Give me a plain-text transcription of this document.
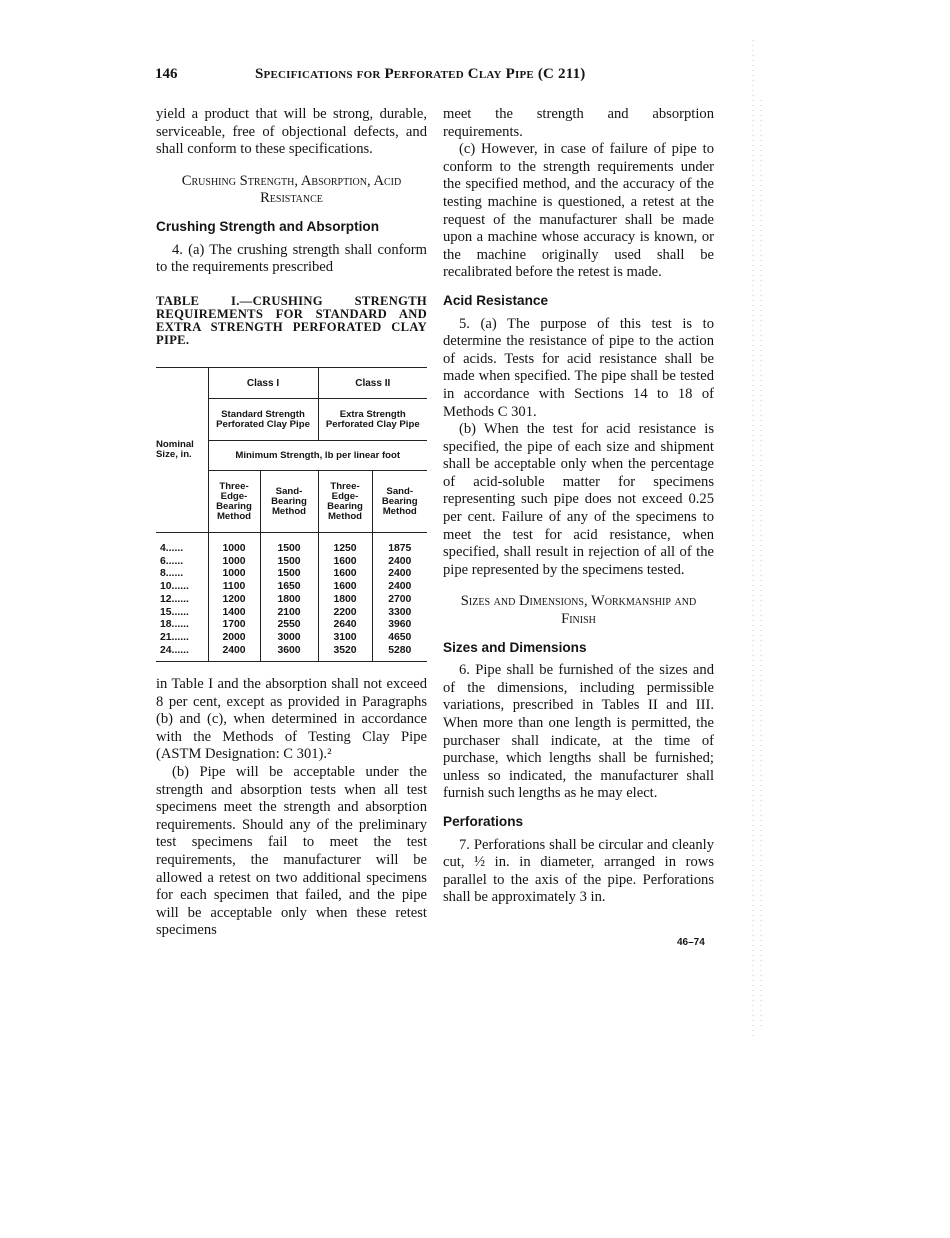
146	Specifications for Perforated Clay Pipe (C 211)

yield a product that will be strong, durable, serviceable, free of objectional defects, and shall conform to these specifications.

Crushing Strength, Absorption, Acid Resistance
Crushing Strength and Absorption

4. (a) The crushing strength shall conform to the requirements prescribed

TABLE I.—CRUSHING STRENGTH REQUIREMENTS FOR STANDARD AND EXTRA STRENGTH PERFORATED CLAY PIPE.
Nominal Size, in.	Class I		Class II	
	Standard Strength Perforated Clay Pipe		Extra Strength Perforated Clay Pipe	
	Minimum Strength, lb per linear foot			
	Three-Edge-Bearing Method	Sand-Bearing Method	Three-Edge-Bearing Method	Sand-Bearing Method
4......	1000	1500	1250	1875
6......	1000	1500	1600	2400
8......	1000	1500	1600	2400
10......	1100	1650	1600	2400
12......	1200	1800	1800	2700
15......	1400	2100	2200	3300
18......	1700	2550	2640	3960
21......	2000	3000	3100	4650
24......	2400	3600	3520	5280

in Table I and the absorption shall not exceed 8 per cent, except as provided in Paragraphs (b) and (c), when determined in accordance with the Methods of Testing Clay Pipe (ASTM Designation: C 301).²

(b) Pipe will be acceptable under the strength and absorption tests when all test specimens meet the strength and absorption requirements. Should any of the preliminary test specimens fail to meet the test requirements, the manufacturer will be allowed a retest on two additional specimens for each specimen that failed, and the pipe will be acceptable only when these retest specimens

meet the strength and absorption requirements.

(c) However, in case of failure of pipe to conform to the strength requirements under the specified method, and the accuracy of the testing machine is questioned, a retest at the request of the manufacturer shall be made upon a machine whose accuracy is known, or the machine originally used shall be recalibrated before the retest is made.

Acid Resistance

5. (a) The purpose of this test is to determine the resistance of pipe to the action of acids. Tests for acid resistance shall be made when specified. The pipe shall be tested in accordance with Sections 14 to 18 of Methods C 301.

(b) When the test for acid resistance is specified, the pipe of each size and shipment shall be acceptable only when the percentage of acid-soluble matter for specimens representing such pipe does not exceed 0.25 per cent. Failure of any of the specimens to meet the test for acid resistance, when specified, shall result in rejection of all of the pipe represented by the specimens tested.

Sizes and Dimensions, Workmanship and Finish
Sizes and Dimensions

6. Pipe shall be furnished of the sizes and of the dimensions, including permissible variations, prescribed in Tables II and III. When more than one length is permitted, the purchaser shall indicate, at the time of purchase, which lengths shall be furnished; unless so indicated, the manufacturer shall furnish such lengths as he may elect.

Perforations

7. Perforations shall be circular and cleanly cut, ½ in. in diameter, arranged in rows parallel to the axis of the pipe. Perforations shall be approximately 3 in.

46–74
